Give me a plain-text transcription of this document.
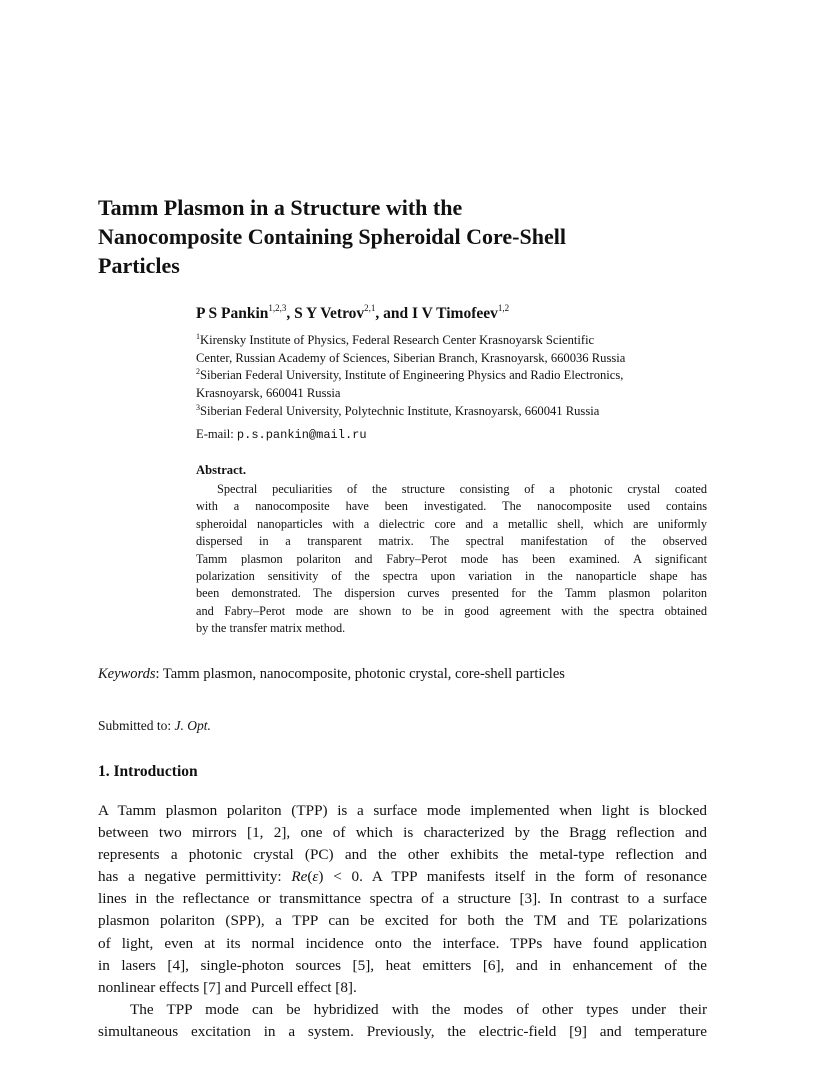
Tamm Plasmon in a Structure with the
Nanocomposite Containing Spheroidal Core-Shell
Particles
P S Pankin$^{1,2,3}$, S Y Vetrov$^{2,1}$, and I V Timofeev$^{1,2}$
$^1$Kirensky Institute of Physics, Federal Research Center Krasnoyarsk Scientific
Center, Russian Academy of Sciences, Siberian Branch, Krasnoyarsk, 660036 Russia
$^2$Siberian Federal University, Institute of Engineering Physics and Radio Electronics,
Krasnoyarsk, 660041 Russia
$^3$Siberian Federal University, Polytechnic Institute, Krasnoyarsk, 660041 Russia
E-mail: p.s.pankin@mail.ru
Abstract.
Spectral peculiarities of the structure consisting of a photonic crystal coated
with a nanocomposite have been investigated. The nanocomposite used contains
spheroidal nanoparticles with a dielectric core and a metallic shell, which are uniformly
dispersed in a transparent matrix. The spectral manifestation of the observed
Tamm plasmon polariton and Fabry–Perot mode has been examined. A significant
polarization sensitivity of the spectra upon variation in the nanoparticle shape has
been demonstrated. The dispersion curves presented for the Tamm plasmon polariton
and Fabry–Perot mode are shown to be in good agreement with the spectra obtained
by the transfer matrix method.
Keywords: Tamm plasmon, nanocomposite, photonic crystal, core-shell particles
Submitted to: J. Opt.
1. Introduction
A Tamm plasmon polariton (TPP) is a surface mode implemented when light is blocked
between two mirrors [1, 2], one of which is characterized by the Bragg reflection and
represents a photonic crystal (PC) and the other exhibits the metal-type reflection and
has a negative permittivity: Re(ε) < 0. A TPP manifests itself in the form of resonance
lines in the reflectance or transmittance spectra of a structure [3]. In contrast to a surface
plasmon polariton (SPP), a TPP can be excited for both the TM and TE polarizations
of light, even at its normal incidence onto the interface. TPPs have found application
in lasers [4], single-photon sources [5], heat emitters [6], and in enhancement of the
nonlinear effects [7] and Purcell effect [8].
The TPP mode can be hybridized with the modes of other types under their
simultaneous excitation in a system. Previously, the electric-field [9] and temperature
